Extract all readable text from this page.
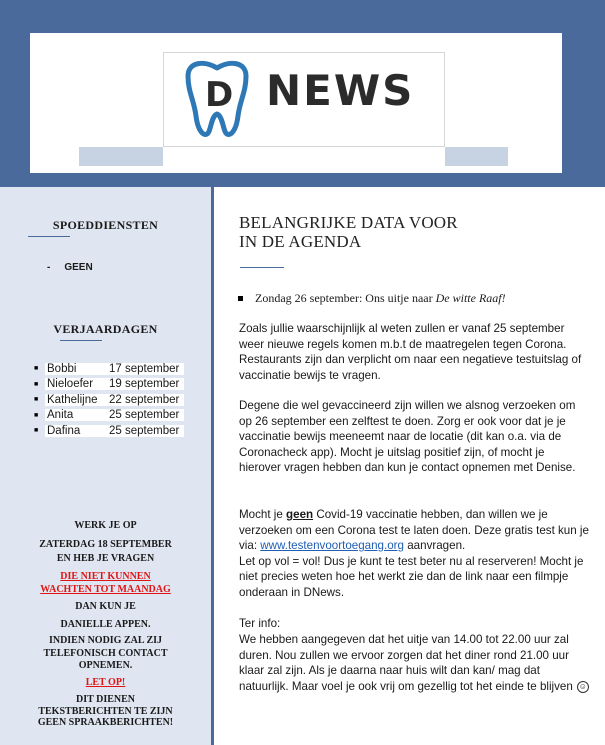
D NEWS
SPOEDDIENSTEN
- GEEN
VERJAARDAGEN
■ Bobbi	17 september
■ Nieloefer	19 september
■ Kathelijne 22 september
■ Anita	25 september
■ Dafina	25 september
WERK JE OP
ZATERDAG 18 SEPTEMBER
EN HEB JE VRAGEN
DIE NIET KUNNEN
WACHTEN TOT MAANDAG
DAN KUN JE
DANIELLE APPEN.
INDIEN NODIG ZAL ZIJ
TELEFONISCH CONTACT
OPNEMEN.
LET OP!
DIT DIENEN
TEKSTBERICHTEN TE ZIJN
GEEN SPRAAKBERICHTEN!
BELANGRIJKE DATA VOOR
IN DE AGENDA
Zondag 26 september: Ons uitje naar De witte Raaf!
Zoals jullie waarschijnlijk al weten zullen er vanaf 25 september weer nieuwe regels komen m.b.t de maatregelen tegen Corona. Restaurants zijn dan verplicht om naar een negatieve testuitslag of vaccinatie bewijs te vragen.
Degene die wel gevaccineerd zijn willen we alsnog verzoeken om op 26 september een zelftest te doen. Zorg er ook voor dat je je vaccinatie bewijs meeneemt naar de locatie (dit kan o.a. via de Coronacheck app). Mocht je uitslag positief zijn, of mocht je hierover vragen hebben dan kun je contact opnemen met Denise.
Mocht je geen Covid-19 vaccinatie hebben, dan willen we je verzoeken om een Corona test te laten doen. Deze gratis test kun je via: www.testenvoortoegang.org aanvragen.
Let op vol = vol! Dus je kunt te test beter nu al reserveren! Mocht je niet precies weten hoe het werkt zie dan de link naar een filmpje onderaan in DNews.
Ter info:
We hebben aangegeven dat het uitje van 14.00 tot 22.00 uur zal duren. Nou zullen we ervoor zorgen dat het diner rond 21.00 uur klaar zal zijn. Als je daarna naar huis wilt dan kan/ mag dat natuurlijk. Maar voel je ook vrij om gezellig tot het einde te blijven ☺
